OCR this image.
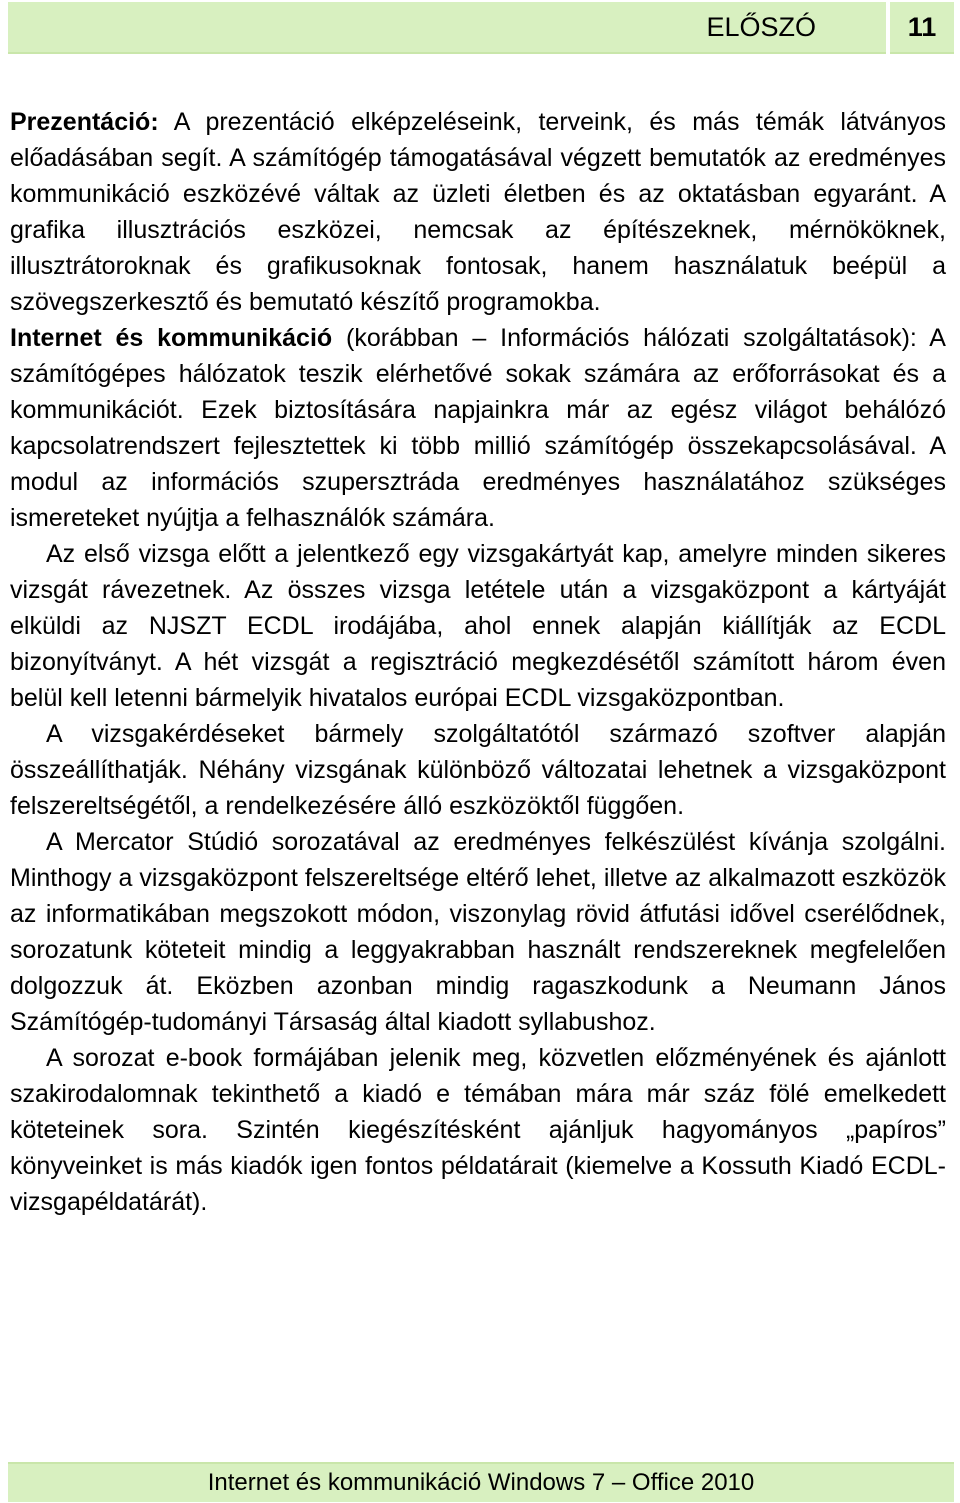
ELŐSZÓ	11

Prezentáció: A prezentáció elképzeléseink, terveink, és más témák látványos előadásában segít. A számítógép támogatásával végzett bemutatók az eredményes kommunikáció eszközévé váltak az üzleti életben és az oktatásban egyaránt. A grafika illusztrációs eszközei, nemcsak az építészeknek, mérnököknek, illusztrátoroknak és grafikusoknak fontosak, hanem használatuk beépül a szövegszerkesztő és bemutató készítő programokba.

Internet és kommunikáció (korábban – Információs hálózati szolgáltatások): A számítógépes hálózatok teszik elérhetővé sokak számára az erőforrásokat és a kommunikációt. Ezek biztosítására napjainkra már az egész világot behálózó kapcsolatrendszert fejlesztettek ki több millió számítógép összekapcsolásával. A modul az információs szupersztráda eredményes használatához szükséges ismereteket nyújtja a felhasználók számára.

Az első vizsga előtt a jelentkező egy vizsgakártyát kap, amelyre minden sikeres vizsgát rávezetnek. Az összes vizsga letétele után a vizsgaközpont a kártyáját elküldi az NJSZT ECDL irodájába, ahol ennek alapján kiállítják az ECDL bizonyítványt. A hét vizsgát a regisztráció megkezdésétől számított három éven belül kell letenni bármelyik hivatalos európai ECDL vizsgaközpontban.

A vizsgakérdéseket bármely szolgáltatótól származó szoftver alapján összeállíthatják. Néhány vizsgának különböző változatai lehetnek a vizsgaközpont felszereltségétől, a rendelkezésére álló eszközöktől függően.

A Mercator Stúdió sorozatával az eredményes felkészülést kívánja szolgálni. Minthogy a vizsgaközpont felszereltsége eltérő lehet, illetve az alkalmazott eszközök az informatikában megszokott módon, viszonylag rövid átfutási idővel cserélődnek, sorozatunk köteteit mindig a leggyakrabban használt rendszereknek megfelelően dolgozzuk át. Eközben azonban mindig ragaszkodunk a Neumann János Számítógép-tudományi Társaság által kiadott syllabushoz.

A sorozat e-book formájában jelenik meg, közvetlen előzményének és ajánlott szakirodalomnak tekinthető a kiadó e témában mára már száz fölé emelkedett köteteinek sora. Szintén kiegészítésként ajánljuk hagyományos „papíros” könyveinket is más kiadók igen fontos példatárait (kiemelve a Kossuth Kiadó ECDL-vizsgapéldatárát).

Internet és kommunikáció Windows 7 – Office 2010
